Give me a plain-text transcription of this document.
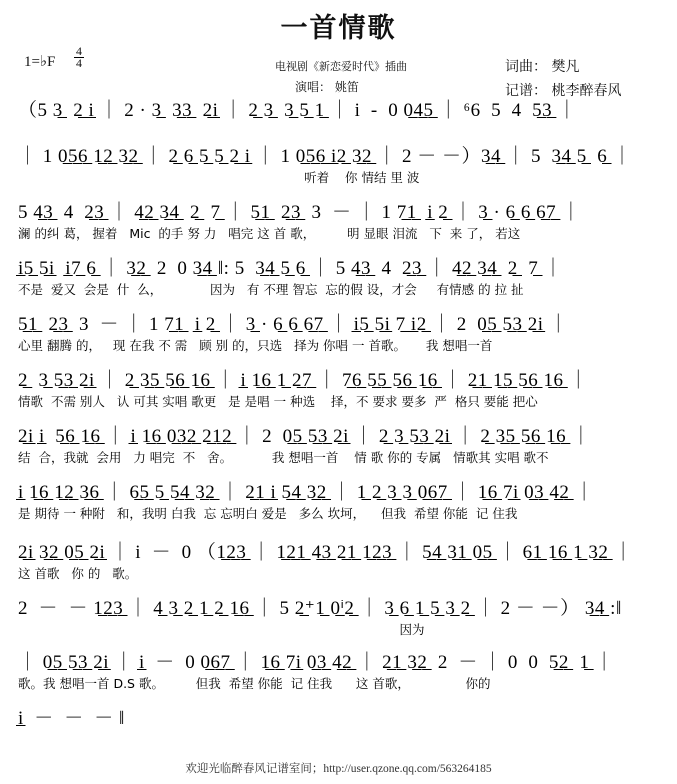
一首情歌
1=♭F
4
4	电视剧《新恋爱时代》插曲
演唱： 姚笛
词曲： 樊凡
记谱： 桃李醉春风
（5 3̲  2̲ i̲ ｜ 2 · 3̲  3̲3̲  2̲i̲ ｜ 2̲ 3̲  3̲ 5̲ 1̲ ｜ i  -  0 0̲4̲5̲ ｜ ⁶6  5  4  5̲3̲ ｜
｜ 1 0̲5̲6̲ 1̲2̲ 3̲2̲ ｜ 2̲ 6̲ 5̲ 5̲ 2̲ i̲ ｜ 1 0̲5̲6̲ i̲2̲ 3̲2̲ ｜ 2 － －）3̲4̲ ｜ 5  3̲4̲ 5̲  6̲ ｜
听着    你 情结 里 波
5 4̲3̲  4  2̲3̲ ｜ 4̲2̲ 3̲4̲  2̲  7̲ ｜ 5̲1̲  2̲3̲  3  － ｜ 1 7̲1̲  i̲ 2̲ ｜ 3̲ · 6̲ 6̲ 6̲7̲ ｜
澜 的纠 葛， 握着   Mic  的手 努 力   唱完 这 首 歌，        明 显眼 泪流   下  来 了， 若这
i̲5̲ 5̲i̲  i̲7̲ 6̲ ｜ 3̲2̲  2  0 3̲4̲ ‖: 5  3̲4̲ 5̲ 6̲ ｜ 5 4̲3̲  4  2̲3̲ ｜ 4̲2̲ 3̲4̲  2̲  7̲ ｜
不是  爱又  会是  什  么，            因为   有 不理 智忘  忘的假 设，才会     有情感 的 拉 扯
5̲1̲  2̲3̲  3  － ｜ 1 7̲1̲  i̲ 2̲ ｜ 3̲ · 6̲ 6̲ 6̲7̲ ｜ i̲5̲ 5̲i̲ 7̲ i̲2̲ ｜ 2  0̲5̲ 5̲3̲ 2̲i̲ ｜
心里 翻腾 的，   现 在我 不 需   顾 别 的，只选   择为 你唱 一 首歌。     我 想唱一首
2̲  3̲ 5̲3̲ 2̲i̲ ｜ 2̲ 3̲5̲ 5̲6̲ 1̲6̲ ｜ i̲ 1̲6̲ 1̲ 2̲7̲ ｜ 7̲6̲ 5̲5̲ 5̲6̲ 1̲6̲ ｜ 2̲1̲ 1̲5̲ 5̲6̲ 1̲6̲ ｜
情歌  不需 别人   认 可其 实唱 歌更   是 是唱 一 种选    择，不 要求 要多  严  格只 要能 把心
2̲i̲ i̲  5̲6̲ 1̲6̲ ｜ i̲ 1̲6̲ 0̲3̲2̲ 2̲1̲2̲ ｜ 2  0̲5̲ 5̲3̲ 2̲i̲ ｜ 2̲ 3̲ 5̲3̲ 2̲i̲ ｜ 2̲ 3̲5̲ 5̲6̲ 1̲6̲ ｜
结  合，我就  会用   力 唱完  不   舍。          我 想唱一首    情 歌 你的 专属   情歌其 实唱 歌不
i̲ 1̲6̲ 1̲2̲ 3̲6̲ ｜ 6̲5̲ 5̲ 5̲4̲ 3̲2̲ ｜ 2̲1̲ i̲ 5̲4̲ 3̲2̲ ｜ 1̲ 2̲ 3̲ 3̲ 0̲6̲7̲ ｜ 1̲6̲ 7̲i̲ 0̲3̲ 4̲2̲ ｜
是 期待 一 种附   和，我明 白我  忘 忘明白 爱是   多么 坎坷，    但我  希望 你能  记 住我
2̲i̲ 3̲2̲ 0̲5̲ 2̲i̲ ｜ i  －  0 （1̲2̲3̲ ｜ 1̲2̲1̲ 4̲3̲ 2̲1̲ 1̲2̲3̲ ｜ 5̲4̲ 3̲1̲ 0̲5̲ ｜ 6̲1̲ 1̲6̲ 1̲ 3̲2̲ ｜
这 首歌   你 的   歌。
2  －  － 1̲2̲3̲ ｜ 4̲ 3̲ 2̲ 1̲ 2̲ 1̲6̲ ｜ 5 2̲⁺1̲ 0̲ⁱ2̲ ｜ 3̲ 6̲ 1̲ 5̲ 3̲ 2̲ ｜ 2 － －） 3̲4̲ :‖
因为
｜ 0̲5̲ 5̲3̲ 2̲i̲ ｜ i̲  －  0 0̲6̲7̲ ｜ 1̲6̲ 7̲i̲ 0̲3̲ 4̲2̲ ｜ 2̲1̲ 3̲2̲  2  － ｜ 0  0  5̲2̲  1̲ ｜
歌。我 想唱一首 D.S 歌。        但我  希望 你能  记 住我      这 首歌，              你的
i̲  －  －  － ‖
欢迎光临醉春风记谱室间；http://user.qzone.qq.com/563264185
